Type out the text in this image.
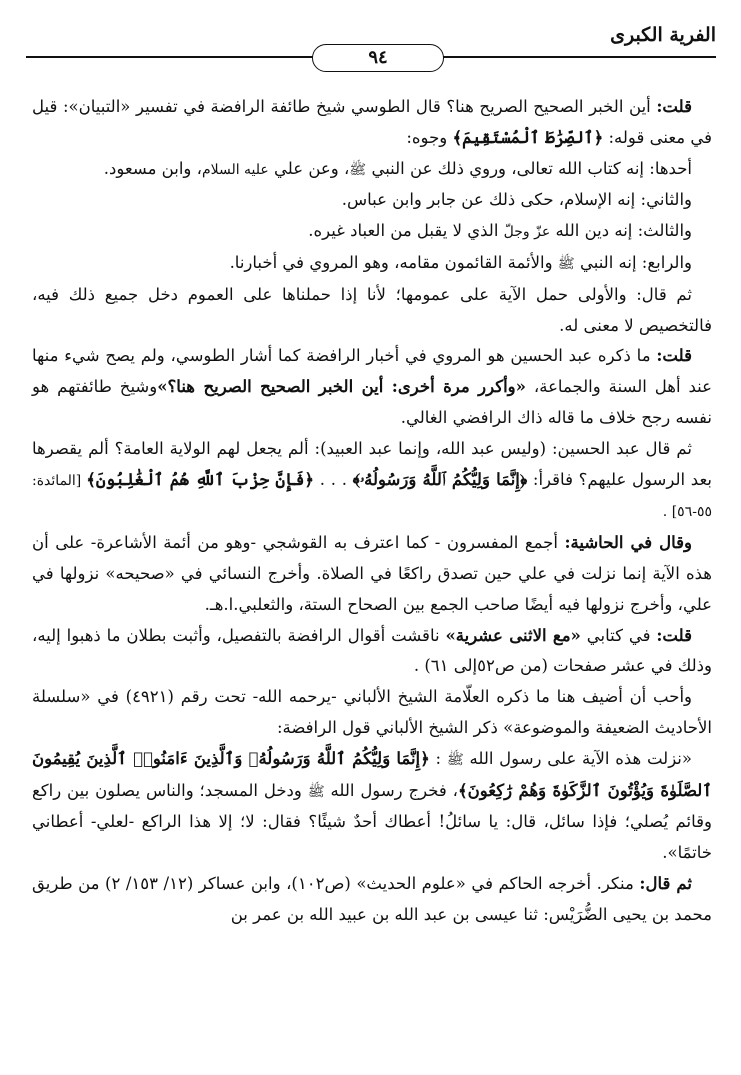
الفرية الكبرى
٩٤

قلت: أين الخبر الصحيح الصريح هنا؟ قال الطوسي شيخ طائفة الرافضة في تفسير «التبيان»: قيل في معنى قوله: ﴿ٱلصِّرَٰطَ ٱلْمُسْتَقِيمَ﴾ وجوه:

أحدها: إنه كتاب الله تعالى، وروي ذلك عن النبي ﷺ، وعن علي عليه السلام، وابن مسعود.

والثاني: إنه الإسلام، حكى ذلك عن جابر وابن عباس.

والثالث: إنه دين الله عزّ وجلّ الذي لا يقبل من العباد غيره.

والرابع: إنه النبي ﷺ والأئمة القائمون مقامه، وهو المروي في أخبارنا.

ثم قال: والأولى حمل الآية على عمومها؛ لأنا إذا حملناها على العموم دخل جميع ذلك فيه، فالتخصيص لا معنى له.

قلت: ما ذكره عبد الحسين هو المروي في أخبار الرافضة كما أشار الطوسي، ولم يصح شيء منها عند أهل السنة والجماعة، «وأكرر مرة أخرى: أين الخبر الصحيح الصريح هنا؟»وشيخ طائفتهم هو نفسه رجح خلاف ما قاله ذاك الرافضي الغالي.

ثم قال عبد الحسين: (وليس عبد الله، وإنما عبد العبيد): ألم يجعل لهم الولاية العامة؟ ألم يقصرها بعد الرسول عليهم؟ فاقرأ: ﴿إِنَّمَا وَلِيُّكُمُ ٱللَّهُ وَرَسُولُهُۥ﴾ . . . ﴿فَإِنَّ حِزْبَ ٱللَّهِ هُمُ ٱلْغَٰلِبُونَ﴾ [المائدة: ٥٥-٥٦] .

وقال في الحاشية: أجمع المفسرون - كما اعترف به القوشجي -وهو من أئمة الأشاعرة- على أن هذه الآية إنما نزلت في علي حين تصدق راكعًا في الصلاة. وأخرج النسائي في «صحيحه» نزولها في علي، وأخرج نزولها فيه أيضًا صاحب الجمع بين الصحاح الستة، والثعلبي.ا.هـ.

قلت: في كتابي «مع الاثنى عشرية» ناقشت أقوال الرافضة بالتفصيل، وأثبت بطلان ما ذهبوا إليه، وذلك في عشر صفحات (من ص٥٢إلى ٦١) .

وأحب أن أضيف هنا ما ذكره العلّامة الشيخ الألباني -يرحمه الله- تحت رقم (٤٩٢١) في «سلسلة الأحاديث الضعيفة والموضوعة» ذكر الشيخ الألباني قول الرافضة:

«نزلت هذه الآية على رسول الله ﷺ : ﴿إِنَّمَا وَلِيُّكُمُ ٱللَّهُ وَرَسُولُهُۥ وَٱلَّذِينَ ءَامَنُوا۟ ٱلَّذِينَ يُقِيمُونَ ٱلصَّلَوٰةَ وَيُؤْتُونَ ٱلزَّكَوٰةَ وَهُمْ رَٰكِعُونَ﴾، فخرج رسول الله ﷺ ودخل المسجد؛ والناس يصلون بين راكع وقائم يُصلي؛ فإذا سائل، قال: يا سائلُ! أعطاك أحدٌ شيئًا؟ فقال: لا؛ إلا هذا الراكع -لعلي- أعطاني خاتمًا».

ثم قال: منكر. أخرجه الحاكم في «علوم الحديث» (ص١٠٢)، وابن عساكر (١٢/ ١٥٣/ ٢) من طريق محمد بن يحيى الضُّرَيْس: ثنا عيسى بن عبد الله بن عبيد الله بن عمر بن
